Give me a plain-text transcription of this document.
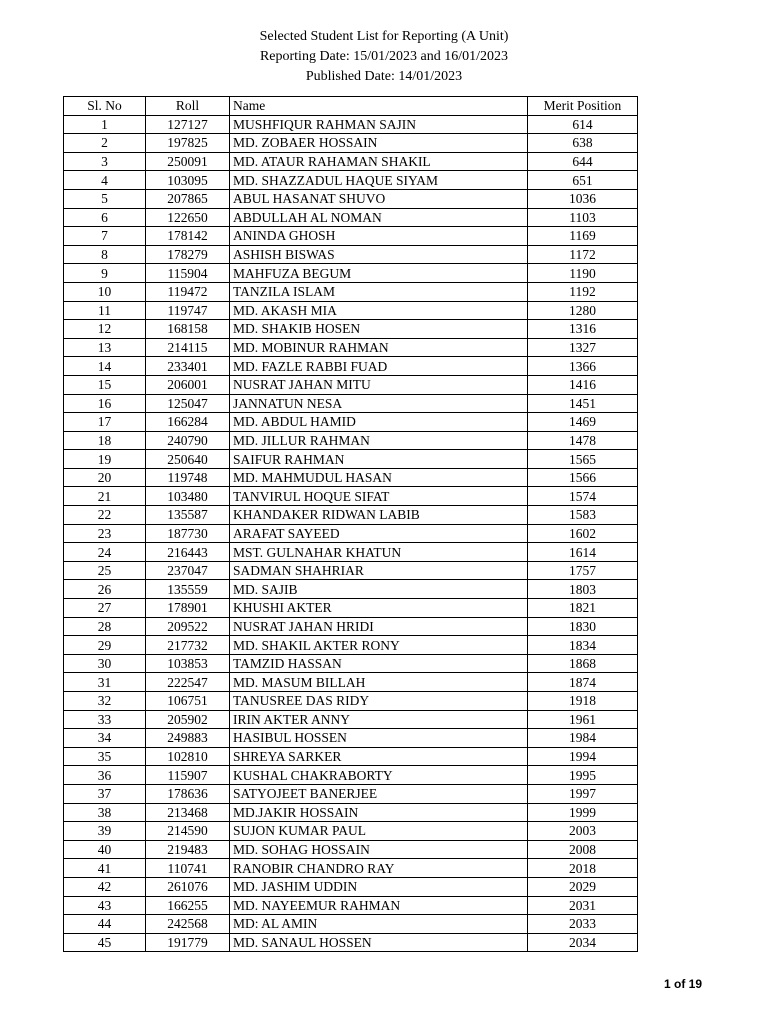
Selected Student List for Reporting (A Unit)
Reporting Date: 15/01/2023 and 16/01/2023
Published Date: 14/01/2023
Sl. No	Roll	Name	Merit Position
1	127127	MUSHFIQUR RAHMAN SAJIN	614
2	197825	MD. ZOBAER HOSSAIN	638
3	250091	MD. ATAUR RAHAMAN SHAKIL	644
4	103095	MD. SHAZZADUL HAQUE SIYAM	651
5	207865	ABUL HASANAT SHUVO	1036
6	122650	ABDULLAH AL NOMAN	1103
7	178142	ANINDA GHOSH	1169
8	178279	ASHISH BISWAS	1172
9	115904	MAHFUZA BEGUM	1190
10	119472	TANZILA ISLAM	1192
11	119747	MD. AKASH MIA	1280
12	168158	MD. SHAKIB HOSEN	1316
13	214115	MD. MOBINUR RAHMAN	1327
14	233401	MD. FAZLE RABBI FUAD	1366
15	206001	NUSRAT JAHAN MITU	1416
16	125047	JANNATUN NESA	1451
17	166284	MD. ABDUL HAMID	1469
18	240790	MD. JILLUR RAHMAN	1478
19	250640	SAIFUR RAHMAN	1565
20	119748	MD. MAHMUDUL HASAN	1566
21	103480	TANVIRUL HOQUE SIFAT	1574
22	135587	KHANDAKER RIDWAN LABIB	1583
23	187730	ARAFAT SAYEED	1602
24	216443	MST. GULNAHAR KHATUN	1614
25	237047	SADMAN SHAHRIAR	1757
26	135559	MD. SAJIB	1803
27	178901	KHUSHI AKTER	1821
28	209522	NUSRAT JAHAN HRIDI	1830
29	217732	MD. SHAKIL AKTER RONY	1834
30	103853	TAMZID HASSAN	1868
31	222547	MD. MASUM BILLAH	1874
32	106751	TANUSREE DAS RIDY	1918
33	205902	IRIN AKTER ANNY	1961
34	249883	HASIBUL HOSSEN	1984
35	102810	SHREYA SARKER	1994
36	115907	KUSHAL CHAKRABORTY	1995
37	178636	SATYOJEET BANERJEE	1997
38	213468	MD.JAKIR HOSSAIN	1999
39	214590	SUJON KUMAR PAUL	2003
40	219483	MD. SOHAG HOSSAIN	2008
41	110741	RANOBIR CHANDRO RAY	2018
42	261076	MD. JASHIM UDDIN	2029
43	166255	MD. NAYEEMUR RAHMAN	2031
44	242568	MD: AL AMIN	2033
45	191779	MD. SANAUL HOSSEN	2034
1 of 19
